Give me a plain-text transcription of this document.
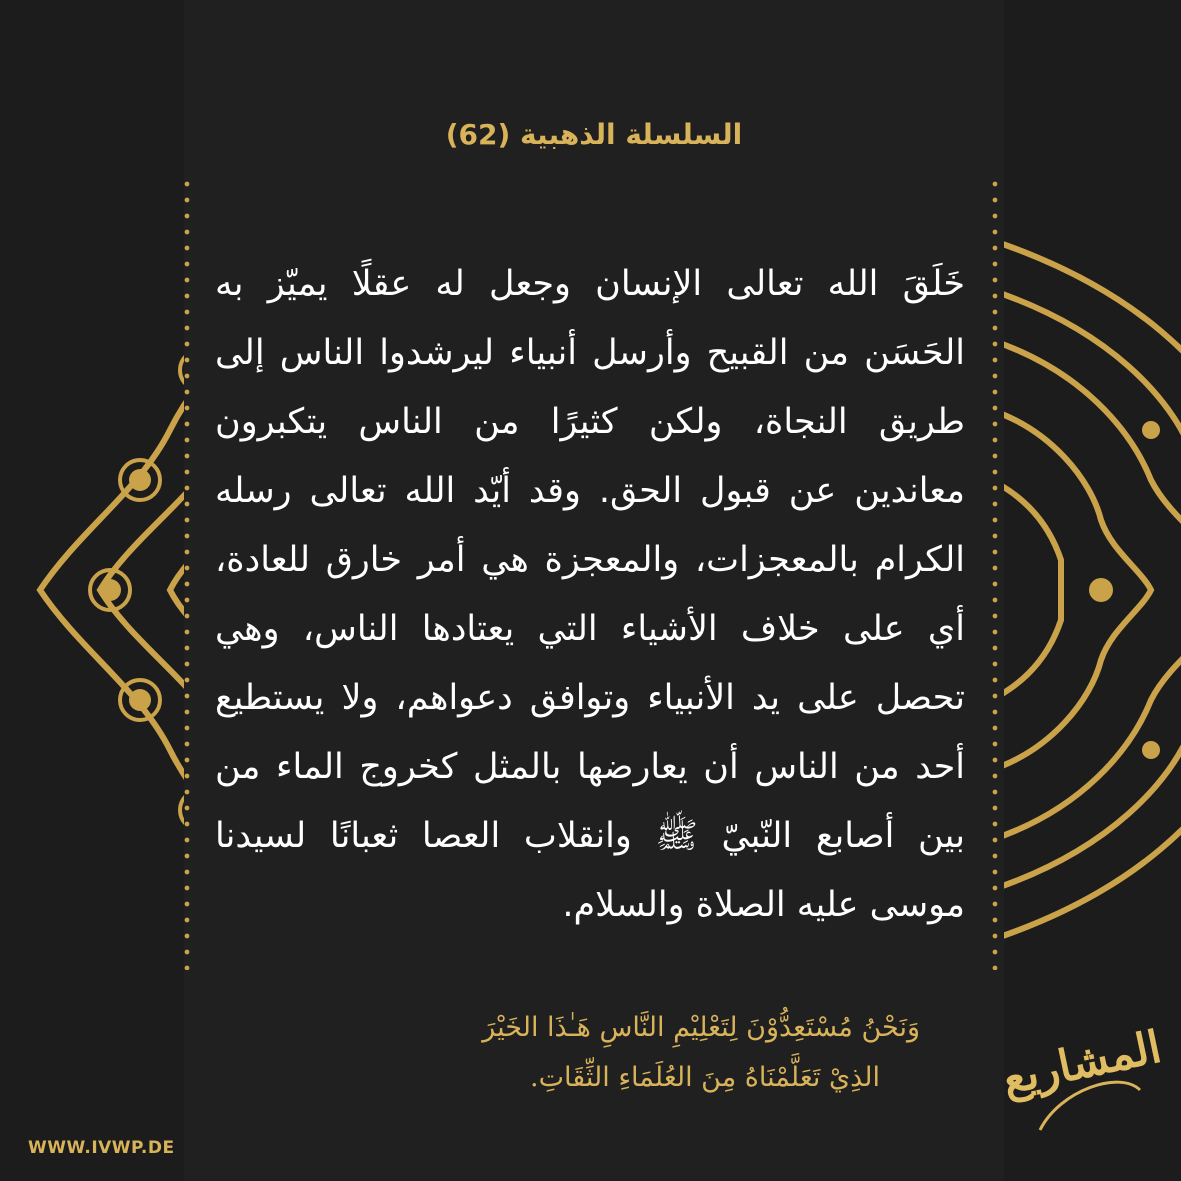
السلسلة الذهبية (62)
خَلَقَ الله تعالى الإنسان وجعل له عقلًا يميّز به الحَسَن من القبيح وأرسل أنبياء ليرشدوا الناس إلى طريق النجاة، ولكن كثيرًا من الناس يتكبرون معاندين عن قبول الحق. وقد أيّد الله تعالى رسله الكرام بالمعجزات، والمعجزة هي أمر خارق للعادة، أي على خلاف الأشياء التي يعتادها الناس، وهي تحصل على يد الأنبياء وتوافق دعواهم، ولا يستطيع أحد من الناس أن يعارضها بالمثل كخروج الماء من بين أصابع النّبيّ ﷺ وانقلاب العصا ثعبانًا لسيدنا موسى عليه الصلاة والسلام.
وَنَحْنُ مُسْتَعِدُّوْنَ لِتَعْلِيْمِ النَّاسِ هَـٰذَا الخَيْرَ
الذِيْ تَعَلَّمْنَاهُ مِنَ العُلَمَاءِ الثِّقَاتِ.
WWW.IVWP.DE
المشاريع
